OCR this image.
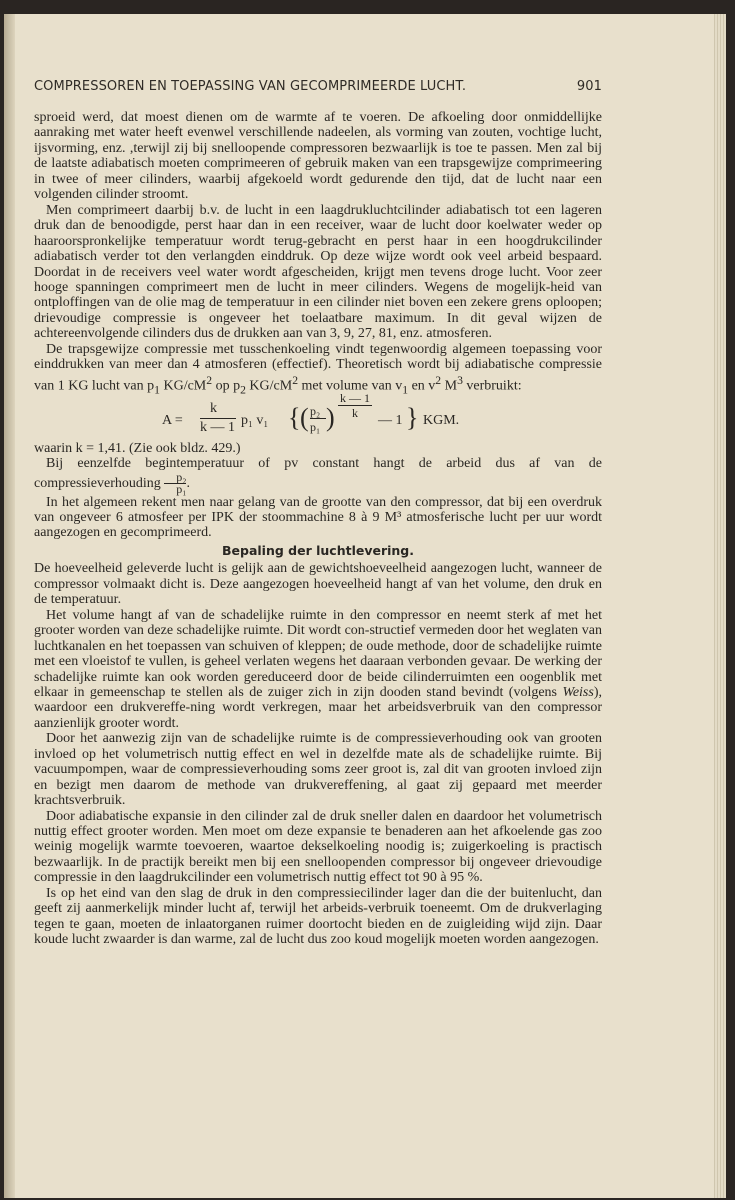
COMPRESSOREN EN TOEPASSING VAN GECOMPRIMEERDE LUCHT.	901

sproeid werd, dat moest dienen om de warmte af te voeren. De afkoeling door onmiddellijke aanraking met water heeft evenwel verschillende nadeelen, als vorming van zouten, vochtige lucht, ijsvorming, enz. ,terwijl zij bij snelloopende compressoren bezwaarlijk is toe te passen. Men zal bij de laatste adiabatisch moeten comprimeeren of gebruik maken van een trapsgewijze comprimeering in twee of meer cilinders, waarbij afgekoeld wordt gedurende den tijd, dat de lucht naar een volgenden cilinder stroomt.

Men comprimeert daarbij b.v. de lucht in een laagdrukluchtcilinder adiabatisch tot een lageren druk dan de benoodigde, perst haar dan in een receiver, waar de lucht door koelwater weder op haaroorspronkelijke temperatuur wordt terug-gebracht en perst haar in een hoogdrukcilinder adiabatisch verder tot den verlangden einddruk. Op deze wijze wordt ook veel arbeid bespaard. Doordat in de receivers veel water wordt afgescheiden, krijgt men tevens droge lucht. Voor zeer hooge spanningen comprimeert men de lucht in meer cilinders. Wegens de mogelijk-heid van ontploffingen van de olie mag de temperatuur in een cilinder niet boven een zekere grens oploopen; drievoudige compressie is ongeveer het toelaatbare maximum. In dit geval wijzen de achtereenvolgende cilinders dus de drukken aan van 3, 9, 27, 81, enz. atmosferen.

De trapsgewijze compressie met tusschenkoeling vindt tegenwoordig algemeen toepassing voor einddrukken van meer dan 4 atmosferen (effectief). Theoretisch wordt bij adiabatische compressie van 1 KG lucht van $p_1$ $KG/cM^2$ op $p_2$ $KG/cM^2$ met volume van $v_1$ en $v^2$ $M^3$ verbruikt:

A =
k
k — 1 p₁ v₁ { ( p₂
p₁ )
k — 1
k — 1 } KGM.

waarin k = 1,41. (Zie ook bldz. 429.)

Bij eenzelfde begintemperatuur of pv constant hangt de arbeid dus af van de compressieverhouding $\frac{\text{p₂}}{\text{p₁}}$ .

In het algemeen rekent men naar gelang van de grootte van den compressor, dat bij een overdruk van ongeveer 6 atmosfeer per IPK der stoommachine 8 à 9 M³ atmosferische lucht per uur wordt aangezogen en gecomprimeerd.

Bepaling der luchtlevering.

De hoeveelheid geleverde lucht is gelijk aan de gewichtshoeveelheid aangezogen lucht, wanneer de compressor volmaakt dicht is. Deze aangezogen hoeveelheid hangt af van het volume, den druk en de temperatuur.

Het volume hangt af van de schadelijke ruimte in den compressor en neemt sterk af met het grooter worden van deze schadelijke ruimte. Dit wordt con-structief vermeden door het weglaten van luchtkanalen en het toepassen van schuiven of kleppen; de oude methode, door de schadelijke ruimte met een vloeistof te vullen, is geheel verlaten wegens het daaraan verbonden gevaar. De werking der schadelijke ruimte kan ook worden gereduceerd door de beide cilinderruimten een oogenblik met elkaar in gemeenschap te stellen als de zuiger zich in zijn dooden stand bevindt (volgens Weiss), waardoor een drukvereffe-ning wordt verkregen, maar het arbeidsverbruik van den compressor aanzienlijk grooter wordt.

Door het aanwezig zijn van de schadelijke ruimte is de compressieverhouding ook van grooten invloed op het volumetrisch nuttig effect en wel in dezelfde mate als de schadelijke ruimte. Bij vacuumpompen, waar de compressieverhouding soms zeer groot is, zal dit van grooten invloed zijn en bezigt men daarom de methode van drukvereffening, al gaat zij gepaard met meerder krachtsverbruik.

Door adiabatische expansie in den cilinder zal de druk sneller dalen en daardoor het volumetrisch nuttig effect grooter worden. Men moet om deze expansie te benaderen aan het afkoelende gas zoo weinig mogelijk warmte toevoeren, waartoe dekselkoeling noodig is; zuigerkoeling is practisch bezwaarlijk. In de practijk bereikt men bij een snelloopenden compressor bij ongeveer drievoudige compressie in den laagdrukcilinder een volumetrisch nuttig effect tot 90 à 95 %.

Is op het eind van den slag de druk in den compressiecilinder lager dan die der buitenlucht, dan geeft zij aanmerkelijk minder lucht af, terwijl het arbeids-verbruik toeneemt. Om de drukverlaging tegen te gaan, moeten de inlaatorganen ruimer doortocht bieden en de zuigleiding wijd zijn. Daar koude lucht zwaarder is dan warme, zal de lucht dus zoo koud mogelijk moeten worden aangezogen.
